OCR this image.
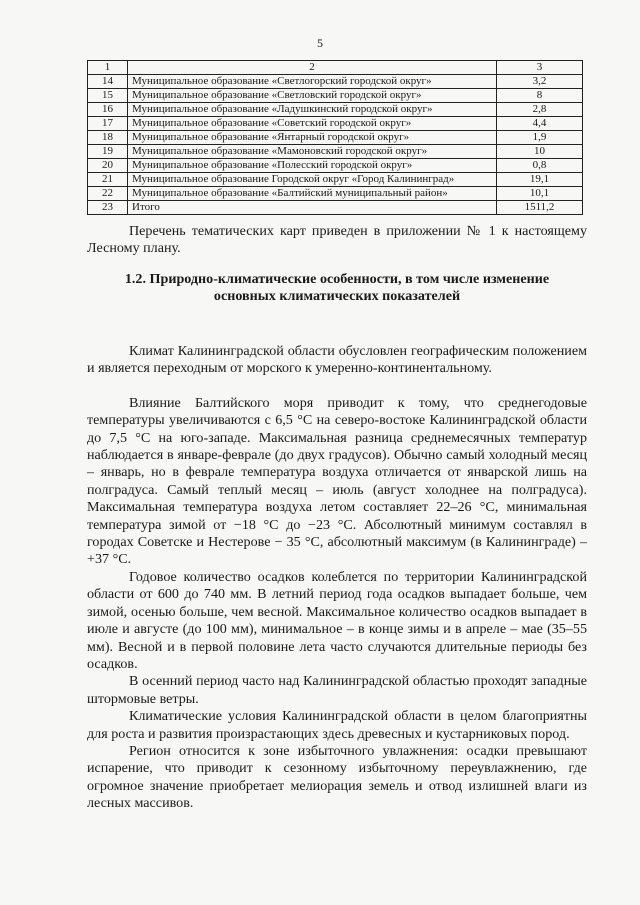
5
1	2	3
14	Муниципальное образование «Светлогорский городской округ»	3,2
15	Муниципальное образование «Светловский городской округ»	8
16	Муниципальное образование «Ладушкинский городской округ»	2,8
17	Муниципальное образование «Советский городской округ»	4,4
18	Муниципальное образование «Янтарный городской округ»	1,9
19	Муниципальное образование «Мамоновский городской округ»	10
20	Муниципальное образование «Полесский городской округ»	0,8
21	Муниципальное образование Городской округ «Город Калининград»	19,1
22	Муниципальное образование «Балтийский муниципальный район»	10,1
23	Итого	1511,2

Перечень тематических карт приведен в приложении № 1 к настоящему Лесному плану.

1.2. Природно-климатические особенности, в том числе изменение
основных климатических показателей

Климат Калининградской области обусловлен географическим положением и является переходным от морского к умеренно-континентальному.

Влияние Балтийского моря приводит к тому, что среднегодовые температуры увеличиваются с 6,5 °С на северо-востоке Калининградской области до 7,5 °С на юго-западе. Максимальная разница среднемесячных температур наблюдается в январе-феврале (до двух градусов). Обычно самый холодный месяц – январь, но в феврале температура воздуха отличается от январской лишь на полградуса. Самый теплый месяц – июль (август холоднее на полградуса). Максимальная температура воздуха летом составляет 22–26 °С, минимальная температура зимой от −18 °С до −23 °С. Абсолютный минимум составлял в городах Советске и Нестерове − 35 °С, абсолютный максимум (в Калининграде) – +37 °С.

Годовое количество осадков колеблется по территории Калининградской области от 600 до 740 мм. В летний период года осадков выпадает больше, чем зимой, осенью больше, чем весной. Максимальное количество осадков выпадает в июле и августе (до 100 мм), минимальное – в конце зимы и в апреле – мае (35–55 мм). Весной и в первой половине лета часто случаются длительные периоды без осадков.

В осенний период часто над Калининградской областью проходят западные штормовые ветры.

Климатические условия Калининградской области в целом благоприятны для роста и развития произрастающих здесь древесных и кустарниковых пород.

Регион относится к зоне избыточного увлажнения: осадки превышают испарение, что приводит к сезонному избыточному переувлажнению, где огромное значение приобретает мелиорация земель и отвод излишней влаги из лесных массивов.
